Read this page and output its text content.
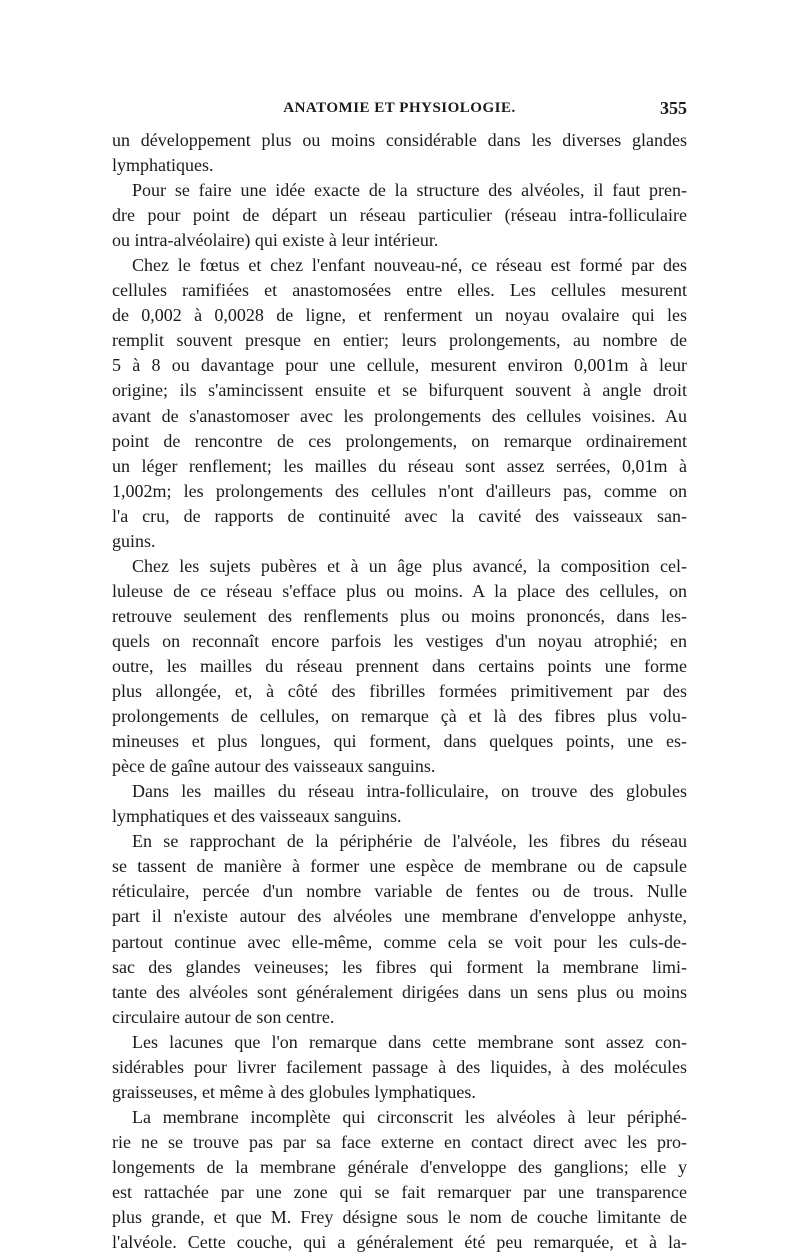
ANATOMIE ET PHYSIOLOGIE.	355
un développement plus ou moins considérable dans les diverses glandes
lymphatiques.
Pour se faire une idée exacte de la structure des alvéoles, il faut pren-
dre pour point de départ un réseau particulier (réseau intra-folliculaire
ou intra-alvéolaire) qui existe à leur intérieur.
Chez le fœtus et chez l'enfant nouveau-né, ce réseau est formé par des
cellules ramifiées et anastomosées entre elles. Les cellules mesurent
de 0,002 à 0,0028 de ligne, et renferment un noyau ovalaire qui les
remplit souvent presque en entier; leurs prolongements, au nombre de
5 à 8 ou davantage pour une cellule, mesurent environ 0,001m à leur
origine; ils s'amincissent ensuite et se bifurquent souvent à angle droit
avant de s'anastomoser avec les prolongements des cellules voisines. Au
point de rencontre de ces prolongements, on remarque ordinairement
un léger renflement; les mailles du réseau sont assez serrées, 0,01m à
1,002m; les prolongements des cellules n'ont d'ailleurs pas, comme on
l'a cru, de rapports de continuité avec la cavité des vaisseaux san-
guins.
Chez les sujets pubères et à un âge plus avancé, la composition cel-
luleuse de ce réseau s'efface plus ou moins. A la place des cellules, on
retrouve seulement des renflements plus ou moins prononcés, dans les-
quels on reconnaît encore parfois les vestiges d'un noyau atrophié; en
outre, les mailles du réseau prennent dans certains points une forme
plus allongée, et, à côté des fibrilles formées primitivement par des
prolongements de cellules, on remarque çà et là des fibres plus volu-
mineuses et plus longues, qui forment, dans quelques points, une es-
pèce de gaîne autour des vaisseaux sanguins.
Dans les mailles du réseau intra-folliculaire, on trouve des globules
lymphatiques et des vaisseaux sanguins.
En se rapprochant de la périphérie de l'alvéole, les fibres du réseau
se tassent de manière à former une espèce de membrane ou de capsule
réticulaire, percée d'un nombre variable de fentes ou de trous. Nulle
part il n'existe autour des alvéoles une membrane d'enveloppe anhyste,
partout continue avec elle-même, comme cela se voit pour les culs-de-
sac des glandes veineuses; les fibres qui forment la membrane limi-
tante des alvéoles sont généralement dirigées dans un sens plus ou moins
circulaire autour de son centre.
Les lacunes que l'on remarque dans cette membrane sont assez con-
sidérables pour livrer facilement passage à des liquides, à des molécules
graisseuses, et même à des globules lymphatiques.
La membrane incomplète qui circonscrit les alvéoles à leur périphé-
rie ne se trouve pas par sa face externe en contact direct avec les pro-
longements de la membrane générale d'enveloppe des ganglions; elle y
est rattachée par une zone qui se fait remarquer par une transparence
plus grande, et que M. Frey désigne sous le nom de couche limitante de
l'alvéole. Cette couche, qui a généralement été peu remarquée, et à la-
